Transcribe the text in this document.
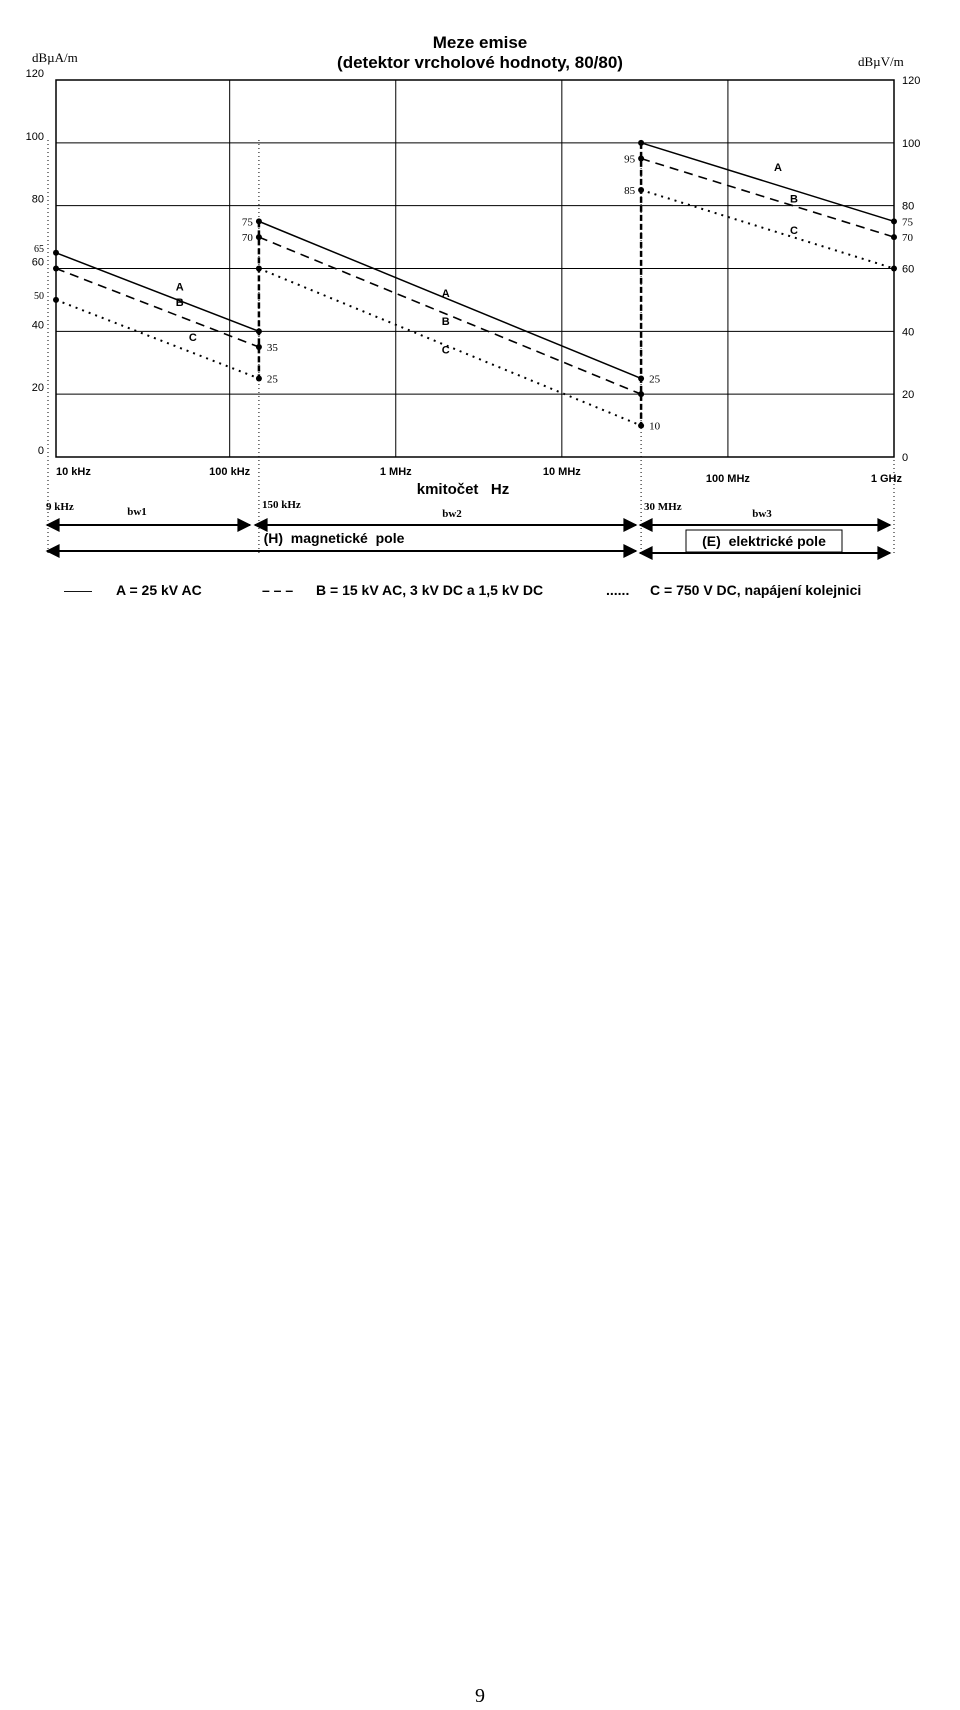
Meze emise
(detektor vrcholové hodnoty, 80/80)
dBµA/m	dBµV/m
kmitočet   Hz
0
20
40
60
80
100
120
0
20
40
60
80
100
120
65
50
10 kHz	100 kHz	1 MHz	10 MHz
100 MHz	1 GHz
A
B
C
A
B
C
A
B
C
75
70
35
25
95
85
25
10
75
70
9 kHz	150 kHz	30 MHz
bw1	bw2	bw3
(H)  magnetické  pole	(E)  elektrické pole
—— A = 25 kV AC	– – – B = 15 kV AC, 3 kV DC a 1,5 kV DC	...... C = 750 V DC, napájení kolejnici
9
